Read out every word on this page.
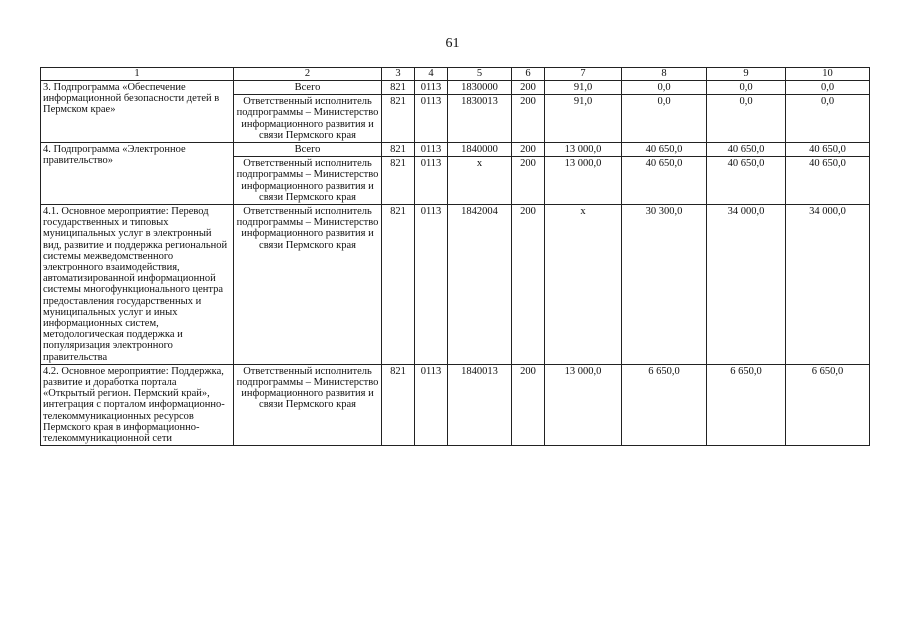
61
1	2	3	4	5	6	7	8	9	10
3. Подпрограмма «Обеспечение информационной безопасности детей в Пермском крае»	Всего	821	0113	1830000	200	91,0	0,0	0,0	0,0
	Ответственный исполнитель подпрограммы – Министерство информационного развития и связи Пермского края	821	0113	1830013	200	91,0	0,0	0,0	0,0
4. Подпрограмма «Электронное правительство»	Всего	821	0113	1840000	200	13 000,0	40 650,0	40 650,0	40 650,0
	Ответственный исполнитель подпрограммы – Министерство информационного развития и связи Пермского края	821	0113	х	200	13 000,0	40 650,0	40 650,0	40 650,0
4.1. Основное мероприятие: Перевод государственных и типовых муниципальных услуг в электронный вид, развитие и поддержка региональной системы межведомственного электронного взаимодействия, автоматизированной информационной системы многофункционального центра предоставления государственных и муниципальных услуг и иных информационных систем, методологическая поддержка и популяризация электронного правительства	Ответственный исполнитель подпрограммы – Министерство информационного развития и связи Пермского края	821	0113	1842004	200	х	30 300,0	34 000,0	34 000,0
4.2. Основное мероприятие: Поддержка, развитие и доработка портала «Открытый регион. Пермский край», интеграция с порталом информационно-телекоммуникационных ресурсов Пермского края в информационно-телекоммуникационной сети	Ответственный исполнитель подпрограммы – Министерство информационного развития и связи Пермского края	821	0113	1840013	200	13 000,0	6 650,0	6 650,0	6 650,0
